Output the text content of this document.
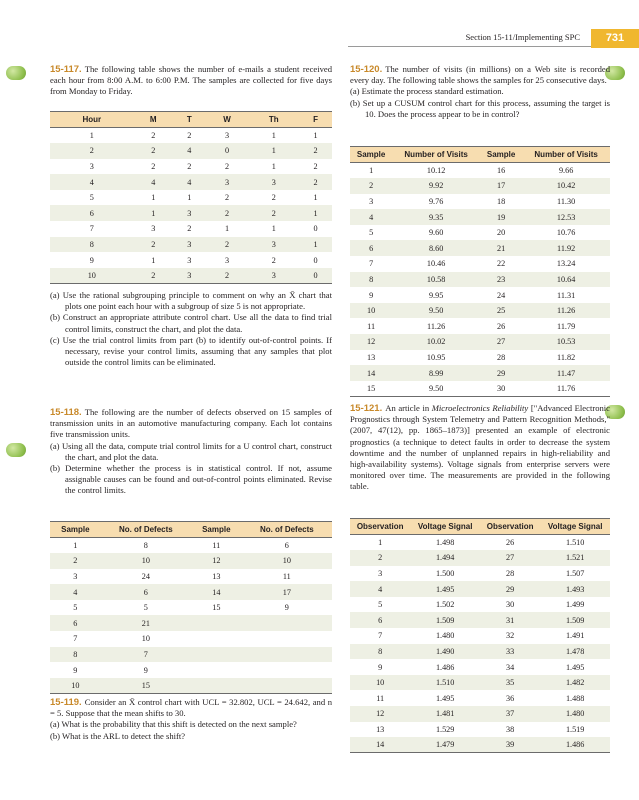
Section 15-11/Implementing SPC	731

15-117. The following table shows the number of e-mails a student received each hour from 8:00 A.M. to 6:00 P.M. The samples are collected for five days from Monday to Friday.

Hour	M	T	W	Th	F
1	2	2	3	1	1
2	2	4	0	1	2
3	2	2	2	1	2
4	4	4	3	3	2
5	1	1	2	2	1
6	1	3	2	2	1
7	3	2	1	1	0
8	2	3	2	3	1
9	1	3	3	2	0
10	2	3	2	3	0
(a) Use the rational subgrouping principle to comment on why an X̄ chart that plots one point each hour with a subgroup of size 5 is not appropriate.
(b) Construct an appropriate attribute control chart. Use all the data to find trial control limits, construct the chart, and plot the data.
(c) Use the trial control limits from part (b) to identify out-of-control points. If necessary, revise your control limits, assuming that any samples that plot outside the control limits can be eliminated.

15-118. The following are the number of defects observed on 15 samples of transmission units in an automotive manufacturing company. Each lot contains five transmission units.

(a) Using all the data, compute trial control limits for a U control chart, construct the chart, and plot the data.
(b) Determine whether the process is in statistical control. If not, assume assignable causes can be found and out-of-control points eliminated. Revise the control limits.
Sample	No. of Defects	Sample	No. of Defects
1	8	11	6
2	10	12	10
3	24	13	11
4	6	14	17
5	5	15	9
6	21		
7	10		
8	7		
9	9		
10	15		

15-119. Consider an X̄ control chart with UCL = 32.802, UCL = 24.642, and n = 5. Suppose that the mean shifts to 30.

(a) What is the probability that this shift is detected on the next sample?
(b) What is the ARL to detect the shift?

15-120. The number of visits (in millions) on a Web site is recorded every day. The following table shows the samples for 25 consecutive days.

(a) Estimate the process standard estimation.
(b) Set up a CUSUM control chart for this process, assuming the target is 10. Does the process appear to be in control?
Sample	Number of Visits	Sample	Number of Visits
1	10.12	16	9.66
2	9.92	17	10.42
3	9.76	18	11.30
4	9.35	19	12.53
5	9.60	20	10.76
6	8.60	21	11.92
7	10.46	22	13.24
8	10.58	23	10.64
9	9.95	24	11.31
10	9.50	25	11.26
11	11.26	26	11.79
12	10.02	27	10.53
13	10.95	28	11.82
14	8.99	29	11.47
15	9.50	30	11.76

15-121. An article in Microelectronics Reliability ["Advanced Electronic Prognostics through System Telemetry and Pattern Recognition Methods," (2007, 47(12), pp. 1865–1873)] presented an example of electronic prognostics (a technique to detect faults in order to decrease the system downtime and the number of unplanned repairs in high-reliability and high-availability systems). Voltage signals from enterprise servers were monitored over time. The measurements are provided in the following table.

Observation	Voltage Signal	Observation	Voltage Signal
1	1.498	26	1.510
2	1.494	27	1.521
3	1.500	28	1.507
4	1.495	29	1.493
5	1.502	30	1.499
6	1.509	31	1.509
7	1.480	32	1.491
8	1.490	33	1.478
9	1.486	34	1.495
10	1.510	35	1.482
11	1.495	36	1.488
12	1.481	37	1.480
13	1.529	38	1.519
14	1.479	39	1.486
